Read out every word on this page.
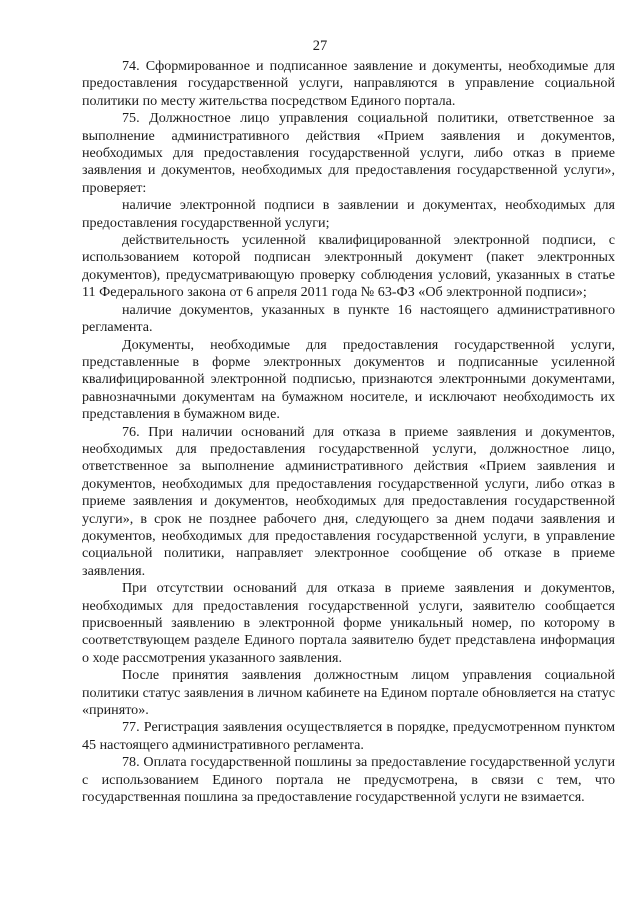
27

74. Сформированное и подписанное заявление и документы, необходимые для предоставления государственной услуги, направляются в управление социальной политики по месту жительства посредством Единого портала.

75. Должностное лицо управления социальной политики, ответственное за выполнение административного действия «Прием заявления и документов, необходимых для предоставления государственной услуги, либо отказ в приеме заявления и документов, необходимых для предоставления государственной услуги», проверяет:

наличие электронной подписи в заявлении и документах, необходимых для предоставления государственной услуги;

действительность усиленной квалифицированной электронной подписи, с использованием которой подписан электронный документ (пакет электронных документов), предусматривающую проверку соблюдения условий, указанных в статье 11 Федерального закона от 6 апреля 2011 года № 63-ФЗ «Об электронной подписи»;

наличие документов, указанных в пункте 16 настоящего административного регламента.

Документы, необходимые для предоставления государственной услуги, представленные в форме электронных документов и подписанные усиленной квалифицированной электронной подписью, признаются электронными документами, равнозначными документам на бумажном носителе, и исключают необходимость их представления в бумажном виде.

76. При наличии оснований для отказа в приеме заявления и документов, необходимых для предоставления государственной услуги, должностное лицо, ответственное за выполнение административного действия «Прием заявления и документов, необходимых для предоставления государственной услуги, либо отказ в приеме заявления и документов, необходимых для предоставления государственной услуги», в срок не позднее рабочего дня, следующего за днем подачи заявления и документов, необходимых для предоставления государственной услуги, в управление социальной политики, направляет электронное сообщение об отказе в приеме заявления.

При отсутствии оснований для отказа в приеме заявления и документов, необходимых для предоставления государственной услуги, заявителю сообщается присвоенный заявлению в электронной форме уникальный номер, по которому в соответствующем разделе Единого портала заявителю будет представлена информация о ходе рассмотрения указанного заявления.

После принятия заявления должностным лицом управления социальной политики статус заявления в личном кабинете на Едином портале обновляется на статус «принято».

77. Регистрация заявления осуществляется в порядке, предусмотренном пунктом 45 настоящего административного регламента.

78. Оплата государственной пошлины за предоставление государственной услуги с использованием Единого портала не предусмотрена, в связи с тем, что государственная пошлина за предоставление государственной услуги не взимается.
